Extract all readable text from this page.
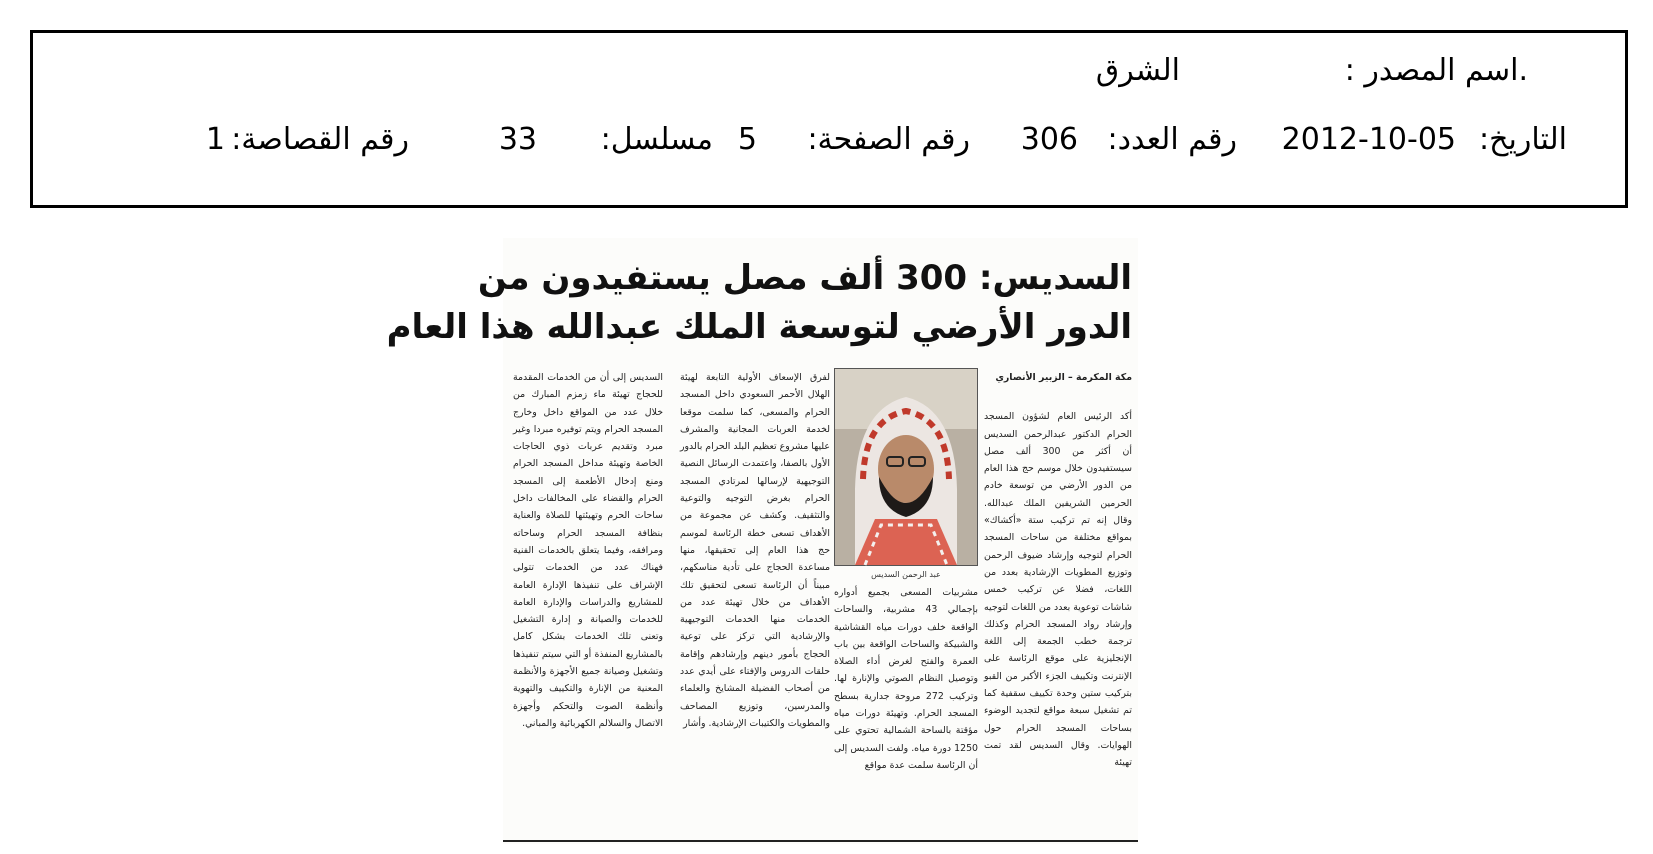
.اسم المصدر :
الشرق
1 رقم القصاصة:	33 مسلسل: 5 رقم الصفحة: 306 رقم العدد: 2012-10-05 التاريخ:
السديس: 300 ألف مصل يستفيدون من
الدور الأرضي لتوسعة الملك عبدالله هذا العام

مكة المكرمة – الزبير الأنصاري

أكد الرئيس العام لشؤون المسجد الحرام الدكتور عبدالرحمن السديس أن أكثر من 300 ألف مصل سيستفيدون خلال موسم حج هذا العام من الدور الأرضي من توسعة خادم الحرمين الشريفين الملك عبدالله. وقال إنه تم تركيب ستة «أكشاك» بمواقع مختلفة من ساحات المسجد الحرام لتوجيه وإرشاد ضيوف الرحمن وتوزيع المطويات الإرشادية بعدد من اللغات، فضلا عن تركيب خمس شاشات توعوية بعدد من اللغات لتوجيه وإرشاد رواد المسجد الحرام وكذلك ترجمة خطب الجمعة إلى اللغة الإنجليزية على موقع الرئاسة على الإنترنت وتكييف الجزء الأكبر من القبو بتركيب ستين وحدة تكييف سقفية كما تم تشغيل سبعة مواقع لتجديد الوضوء بساحات المسجد الحرام حول الهوايات. وقال السديس لقد تمت تهيئة

مشربيات المسعى بجميع أدواره بإجمالي 43 مشربية، والساحات الواقعة خلف دورات مياه القشاشية والشبيكة والساحات الواقعة بين باب العمرة والفتح لغرض أداء الصلاة وتوصيل النظام الصوتي والإنارة لها. وتركيب 272 مروحة جدارية بسطح المسجد الحرام. وتهيئة دورات مياه مؤقتة بالساحة الشمالية تحتوي على 1250 دورة مياه. ولفت السديس إلى أن الرئاسة سلمت عدة مواقع

عبد الرحمن السديس

لفرق الإسعاف الأولية التابعة لهيئة الهلال الأحمر السعودي داخل المسجد الحرام والمسعى، كما سلمت موقعا لخدمة العربات المجانية والمشرف عليها مشروع تعظيم البلد الحرام بالدور الأول بالصفا، واعتمدت الرسائل النصية التوجيهية لإرسالها لمرتادي المسجد الحرام بغرض التوجيه والتوعية والتثقيف. وكشف عن مجموعة من الأهداف تسعى خطة الرئاسة لموسم حج هذا العام إلى تحقيقها، منها مساعدة الحجاج على تأدية مناسكهم، مبيناً أن الرئاسة تسعى لتحقيق تلك الأهداف من خلال تهيئة عدد من الخدمات منها الخدمات التوجيهية والإرشادية التي تركز على توعية الحجاج بأمور دينهم وإرشادهم وإقامة حلقات الدروس والإفتاء على أيدي عدد من أصحاب الفضيلة المشايخ والعلماء والمدرسين، وتوزيع المصاحف والمطويات والكتيبات الإرشادية. وأشار

السديس إلى أن من الخدمات المقدمة للحجاج تهيئة ماء زمزم المبارك من خلال عدد من المواقع داخل وخارج المسجد الحرام ويتم توفيره مبردا وغير مبرد وتقديم عربات ذوي الحاجات الخاصة وتهيئة مداخل المسجد الحرام ومنع إدخال الأطعمة إلى المسجد الحرام والقضاء على المخالفات داخل ساحات الحرم وتهيئتها للصلاة والعناية بنظافة المسجد الحرام وساحاته ومرافقه، وفيما يتعلق بالخدمات الفنية فهناك عدد من الخدمات تتولى الإشراف على تنفيذها الإدارة العامة للمشاريع والدراسات والإدارة العامة للخدمات والصيانة و إدارة التشغيل وتعنى تلك الخدمات بشكل كامل بالمشاريع المنفذة أو التي سيتم تنفيذها وتشغيل وصيانة جميع الأجهزة والأنظمة المعنية من الإنارة والتكييف والتهوية وأنظمة الصوت والتحكم وأجهزة الاتصال والسلالم الكهربائية والمباني.
